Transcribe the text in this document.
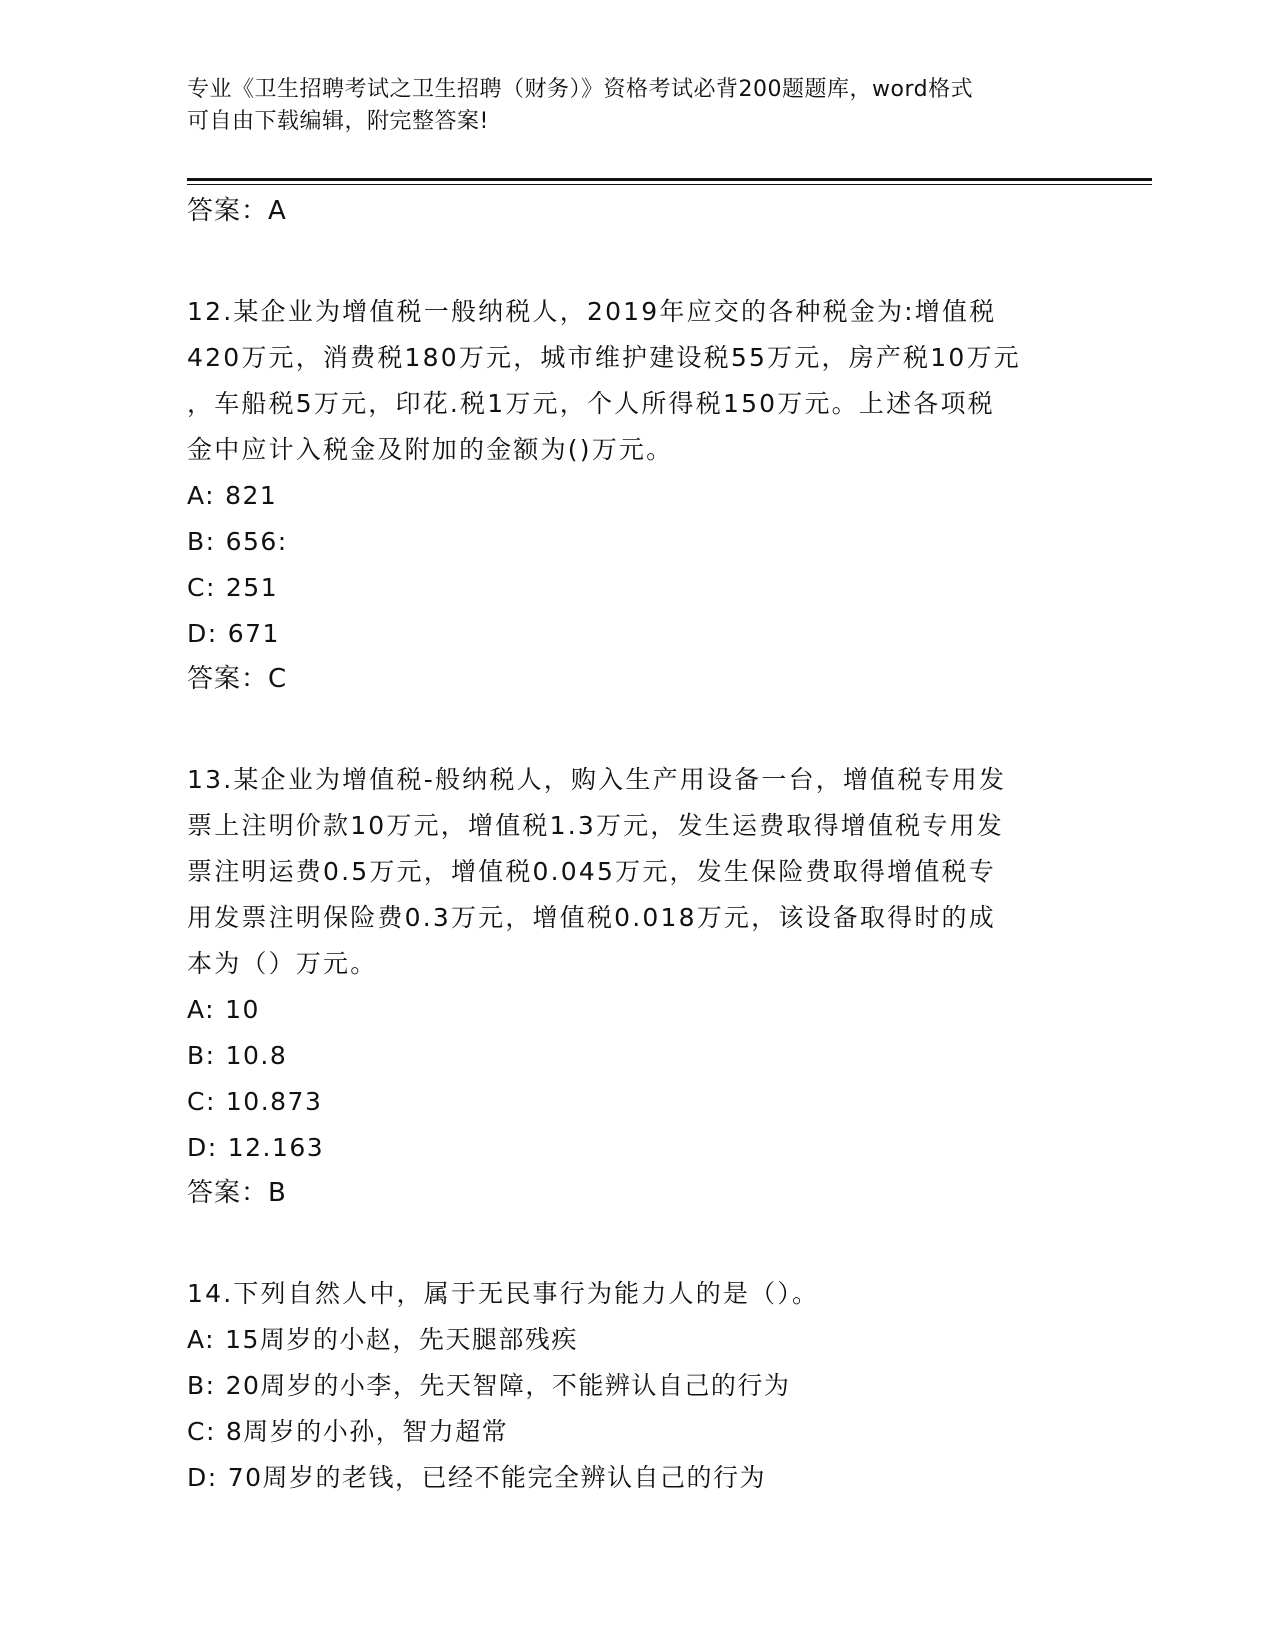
专业《卫生招聘考试之卫生招聘（财务）》资格考试必背200题题库，word格式
可自由下载编辑，附完整答案!
答案：A
12.某企业为增值税一般纳税人，2019年应交的各种税金为:增值税
420万元，消费税180万元，城市维护建设税55万元，房产税10万元
，车船税5万元，印花.税1万元，个人所得税150万元。上述各项税
金中应计入税金及附加的金额为()万元。
A: 821
B: 656:
C: 251
D: 671
答案：C
13.某企业为增值税-般纳税人，购入生产用设备一台，增值税专用发
票上注明价款10万元，增值税1.3万元，发生运费取得增值税专用发
票注明运费0.5万元，增值税0.045万元，发生保险费取得增值税专
用发票注明保险费0.3万元，增值税0.018万元，该设备取得时的成
本为（）万元。
A: 10
B: 10.8
C: 10.873
D: 12.163
答案：B
14.下列自然人中，属于无民事行为能力人的是（）。
A: 15周岁的小赵，先天腿部残疾
B: 20周岁的小李，先天智障，不能辨认自己的行为
C: 8周岁的小孙，智力超常
D: 70周岁的老钱，已经不能完全辨认自己的行为
